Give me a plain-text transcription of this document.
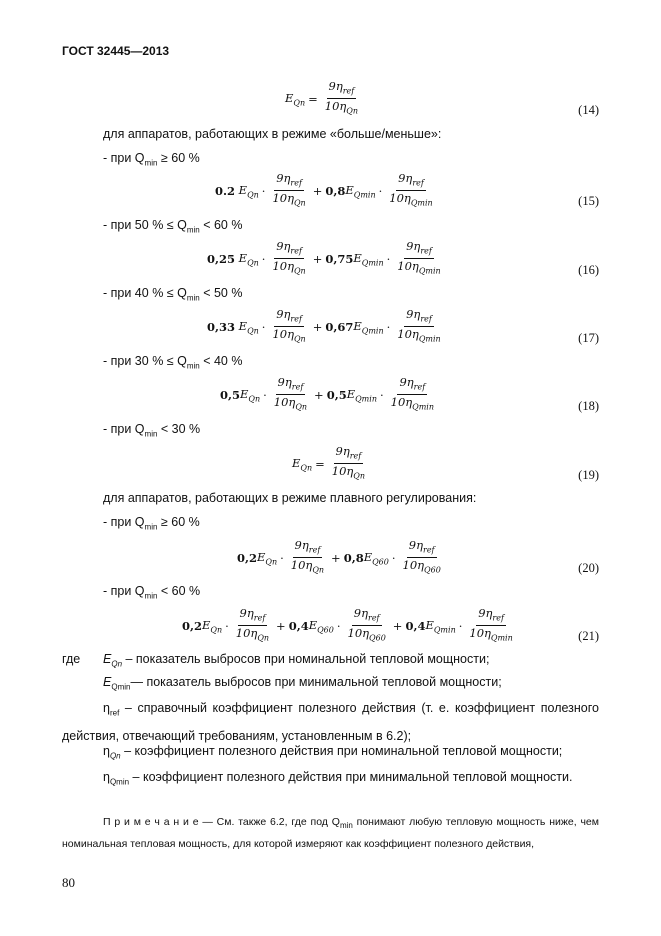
ГОСТ 32445—2013
$E_{Qn} = \frac{9\eta_{ref}}{10\eta_{Qn}}$	(14)
для аппаратов, работающих в режиме «больше/меньше»:
- при $Q_{min} \ge 60$ %
0.2
$E_{Qn} \cdot \frac{9\eta_{ref}}{10\eta_{Qn}} + 0,8$ $E_{Qmin} \cdot \frac{9\eta_{ref}}{10\eta_{Qmin}}$	(15)
- при 50 % ≤ $Q_{min} < 60$ %
0,25
$E_{Qn} \cdot \frac{9\eta_{ref}}{10\eta_{Qn}} + 0,75$ $E_{Qmin} \cdot \frac{9\eta_{ref}}{10\eta_{Qmin}}$	(16)
- при 40 % ≤ $Q_{min} < 50$ %
0,33
$E_{Qn} \cdot \frac{9\eta_{ref}}{10\eta_{Qn}} + 0,67$ $E_{Qmin} \cdot \frac{9\eta_{ref}}{10\eta_{Qmin}}$	(17)
- при 30 % ≤ $Q_{min} < 40$ %
0,5 $E_{Qn} \cdot \frac{9\eta_{ref}}{10\eta_{Qn}} + 0,5$ $E_{Qmin} \cdot \frac{9\eta_{ref}}{10\eta_{Qmin}}$	(18)
- при $Q_{min} < 30$ %
$E_{Qn} = \frac{9\eta_{ref}}{10\eta_{Qn}}$	(19)
для аппаратов, работающих в режиме плавного регулирования:
- при $Q_{min} \ge 60$ %
0,2 $E_{Qn} \cdot \frac{9\eta_{ref}}{10\eta_{Qn}} + 0,8$ $E_{Q60} \cdot \frac{9\eta_{ref}}{10\eta_{Q60}}$	(20)
- при $Q_{min} < 60$ %
0,2 $E_{Qn} \cdot \frac{9\eta_{ref}}{10\eta_{Qn}} + 0,4$ $E_{Q60} \cdot \frac{9\eta_{ref}}{10\eta_{Q60}} + 0,4$ $E_{Qmin} \cdot \frac{9\eta_{ref}}{10\eta_{Qmin}}$	(21)
где $E_{Qn}$ – показатель выбросов при номинальной тепловой мощности;
$E_{Qmin}—$ показатель выбросов при минимальной тепловой мощности;
$\eta_{ref}$ – справочный коэффициент полезного действия (т. е. коэффициент полезного действия, отвечающий требованиям, установленным в 6.2);
$\eta_{Qn}$ – коэффициент полезного действия при номинальной тепловой мощности;
$\eta_{Qmin}$ – коэффициент полезного действия при минимальной тепловой мощности.
П р и м е ч а н и е — См. также 6.2, где под $Q_{min}$ понимают любую тепловую мощность ниже, чем номинальная тепловая мощность, для которой измеряют как коэффициент полезного действия,
80
